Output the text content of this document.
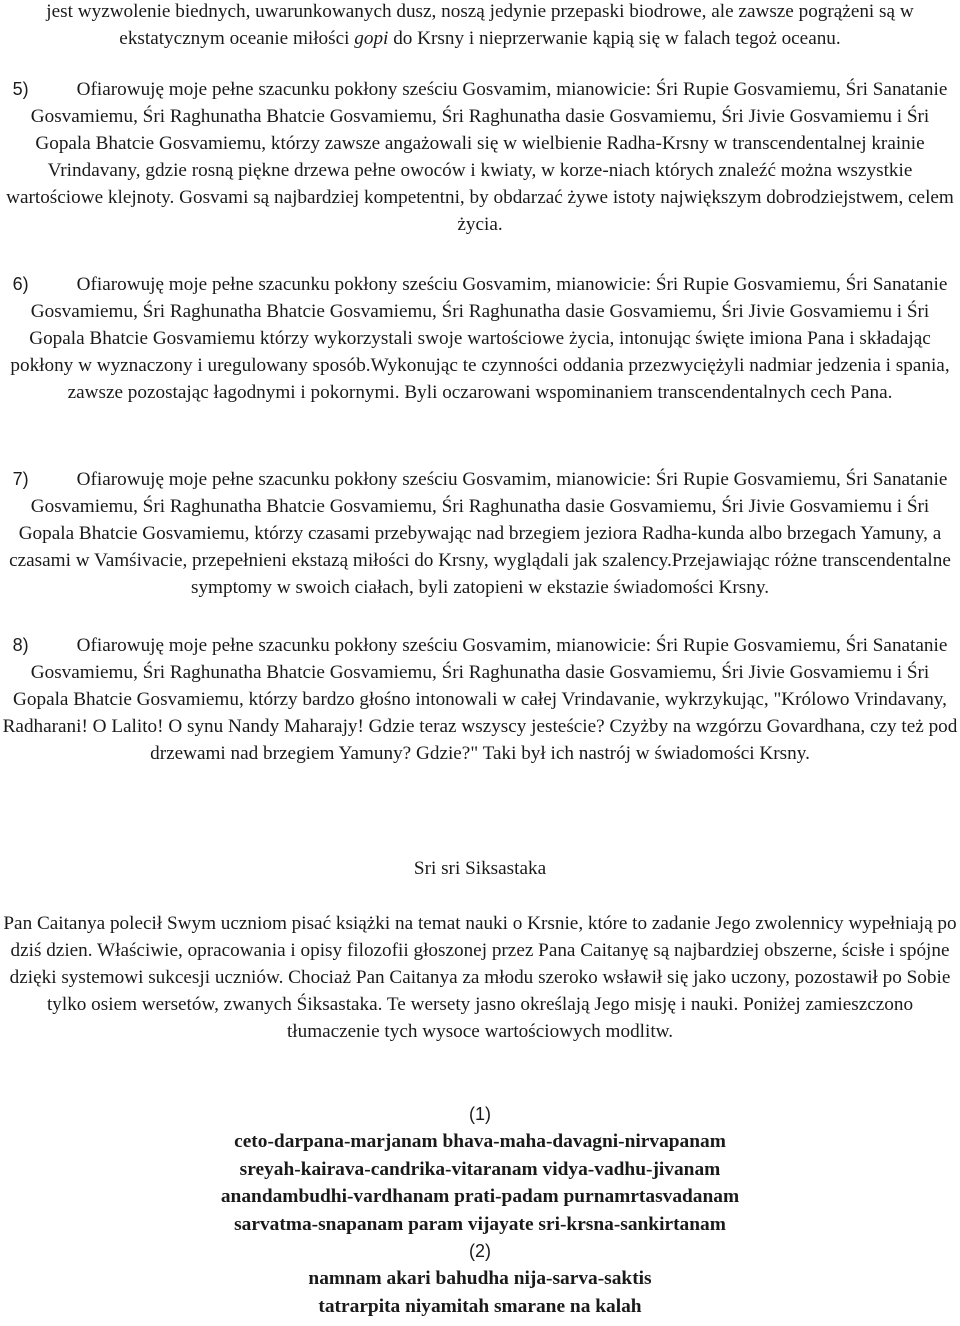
jest wyzwolenie biednych, uwarunkowanych dusz, noszą jedynie przepaski biodrowe, ale zawsze pogrążeni są w ekstatycznym oceanie miłości gopi do Krsny i nieprzerwanie kąpią się w falach tegoż oceanu.

5)	Ofiarowuję moje pełne szacunku pokłony sześciu Gosvamim, mianowicie: Śri Rupie Gosvamiemu, Śri Sanatanie Gosvamiemu, Śri Raghunatha Bhatcie Gosvamiemu, Śri Raghunatha dasie Gosvamiemu, Śri Jivie Gosvamiemu i Śri Gopala Bhatcie Gosvamiemu, którzy zawsze angażowali się w wielbienie Radha-Krsny w transcendentalnej krainie Vrindavany, gdzie rosną piękne drzewa pełne owoców i kwiaty, w korze-niach których znaleźć można wszystkie wartościowe klejnoty. Gosvami są najbardziej kompetentni, by obdarzać żywe istoty największym dobrodziejstwem, celem życia.

6)	Ofiarowuję moje pełne szacunku pokłony sześciu Gosvamim, mianowicie: Śri Rupie Gosvamiemu, Śri Sanatanie Gosvamiemu, Śri Raghunatha Bhatcie Gosvamiemu, Śri Raghunatha dasie Gosvamiemu, Śri Jivie Gosvamiemu i Śri Gopala Bhatcie Gosvamiemu którzy wykorzystali swoje wartościowe życia, intonując święte imiona Pana i składając pokłony w wyznaczony i uregulowany sposób.Wykonując te czynności oddania przezwyciężyli nadmiar jedzenia i spania, zawsze pozostając łagodnymi i pokornymi. Byli oczarowani wspominaniem transcendentalnych cech Pana.

7)	Ofiarowuję moje pełne szacunku pokłony sześciu Gosvamim, mianowicie: Śri Rupie Gosvamiemu, Śri Sanatanie Gosvamiemu, Śri Raghunatha Bhatcie Gosvamiemu, Śri Raghunatha dasie Gosvamiemu, Śri Jivie Gosvamiemu i Śri Gopala Bhatcie Gosvamiemu, którzy czasami przebywając nad brzegiem jeziora Radha-kunda albo brzegach Yamuny, a czasami w Vamśivacie, przepełnieni ekstazą miłości do Krsny, wyglądali jak szalency.Przejawiając różne transcendentalne symptomy w swoich ciałach, byli zatopieni w ekstazie świadomości Krsny.

8)	Ofiarowuję moje pełne szacunku pokłony sześciu Gosvamim, mianowicie: Śri Rupie Gosvamiemu, Śri Sanatanie Gosvamiemu, Śri Raghunatha Bhatcie Gosvamiemu, Śri Raghunatha dasie Gosvamiemu, Śri Jivie Gosvamiemu i Śri Gopala Bhatcie Gosvamiemu, którzy bardzo głośno intonowali w całej Vrindavanie, wykrzykując, "Królowo Vrindavany, Radharani! O Lalito! O synu Nandy Maharajy! Gdzie teraz wszyscy jesteście? Czyżby na wzgórzu Govardhana, czy też pod drzewami nad brzegiem Yamuny? Gdzie?" Taki był ich nastrój w świadomości Krsny.

Sri sri Siksastaka

Pan Caitanya polecił Swym uczniom pisać książki na temat nauki o Krsnie, które to zadanie Jego zwolennicy wypełniają po dziś dzien. Właściwie, opracowania i opisy filozofii głoszonej przez Pana Caitanyę są najbardziej obszerne, ścisłe i spójne dzięki systemowi sukcesji uczniów. Chociaż Pan Caitanya za młodu szeroko wsławił się jako uczony, pozostawił po Sobie tylko osiem wersetów, zwanych Śiksastaka. Te wersety jasno określają Jego misję i nauki. Poniżej zamieszczono tłumaczenie tych wysoce wartościowych modlitw.

(1)
ceto-darpana-marjanam bhava-maha-davagni-nirvapanam
sreyah-kairava-candrika-vitaranam vidya-vadhu-jivanam
anandambudhi-vardhanam prati-padam purnamrtasvadanam
sarvatma-snapanam param vijayate sri-krsna-sankirtanam
(2)
namnam akari bahudha nija-sarva-saktis
tatrarpita niyamitah smarane na kalah
